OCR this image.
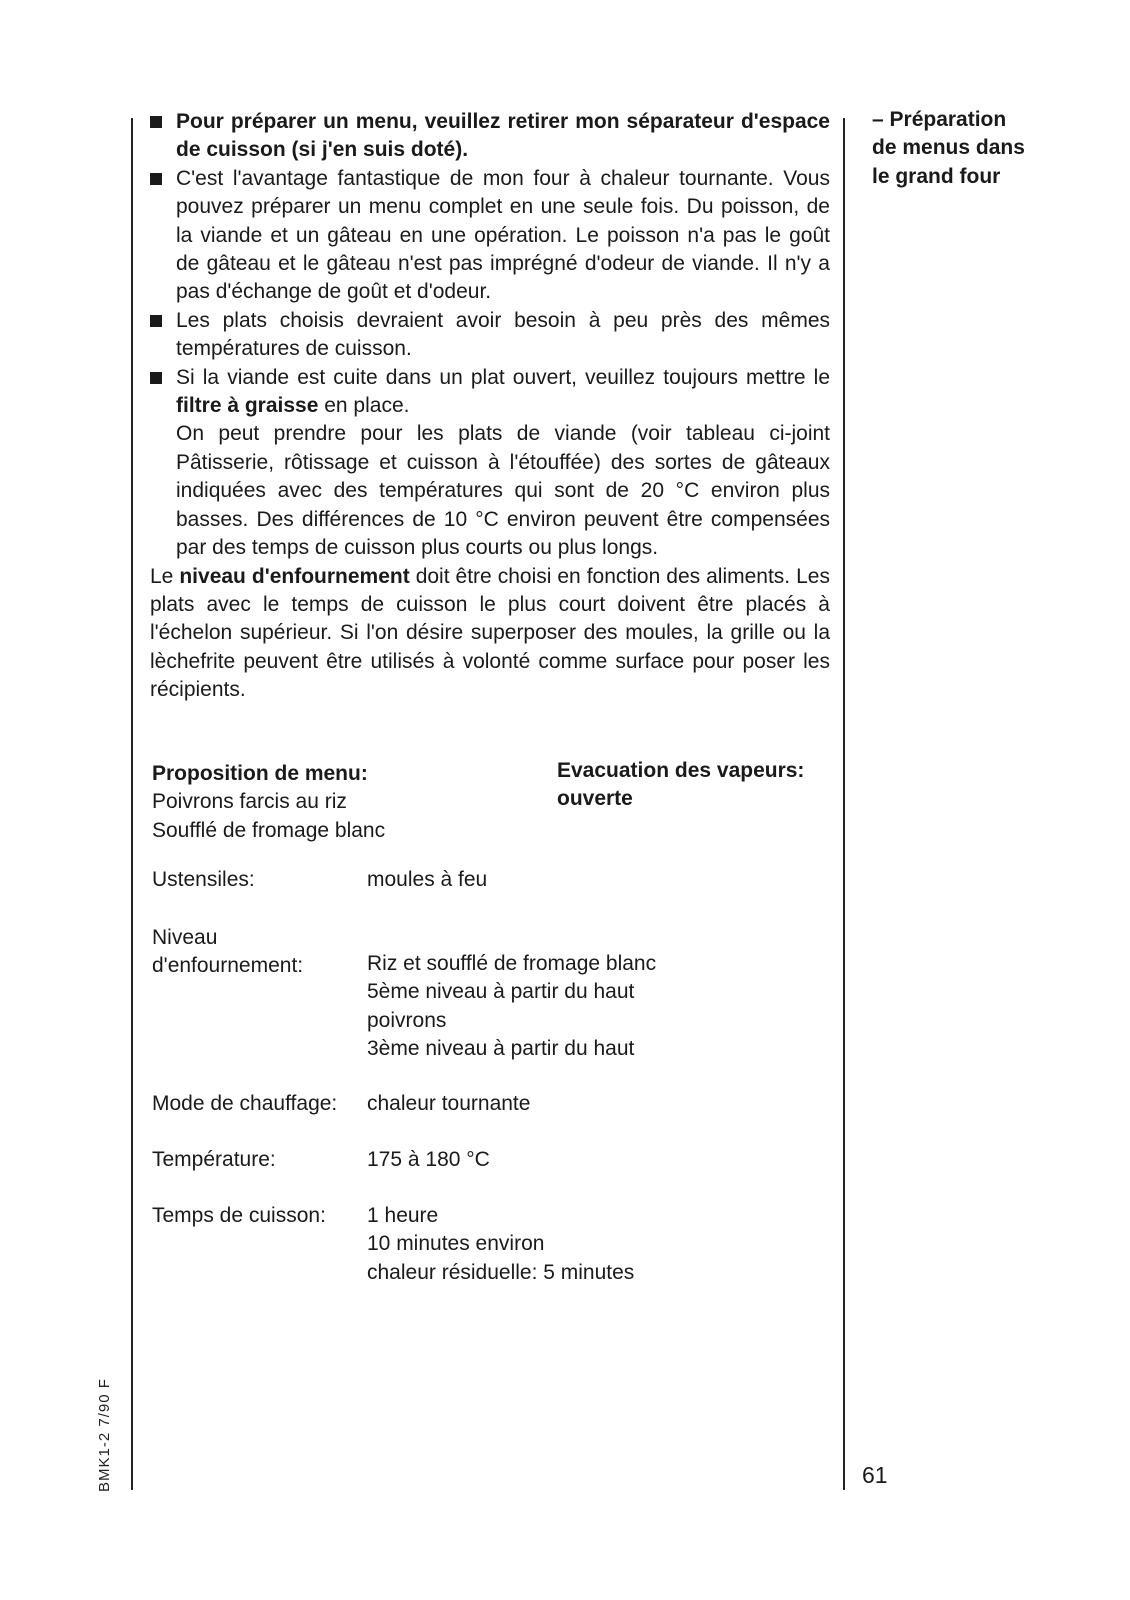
Pour préparer un menu, veuillez retirer mon séparateur d'espace de cuisson (si j'en suis doté).
C'est l'avantage fantastique de mon four à chaleur tournante. Vous pouvez préparer un menu complet en une seule fois. Du poisson, de la viande et un gâteau en une opération. Le poisson n'a pas le goût de gâteau et le gâteau n'est pas imprégné d'odeur de viande. Il n'y a pas d'échange de goût et d'odeur.
Les plats choisis devraient avoir besoin à peu près des mêmes températures de cuisson.
Si la viande est cuite dans un plat ouvert, veuillez toujours mettre le filtre à graisse en place.
On peut prendre pour les plats de viande (voir tableau ci-joint Pâtisserie, rôtissage et cuisson à l'étouffée) des sortes de gâteaux indiquées avec des températures qui sont de 20 °C environ plus basses. Des différences de 10 °C environ peuvent être compensées par des temps de cuisson plus courts ou plus longs.
Le niveau d'enfournement doit être choisi en fonction des aliments. Les plats avec le temps de cuisson le plus court doivent être placés à l'échelon supérieur. Si l'on désire superposer des moules, la grille ou la lèchefrite peuvent être utilisés à volonté comme surface pour poser les récipients.
– Préparation
de menus dans
le grand four
Proposition de menu:
Poivrons farcis au riz
Soufflé de fromage blanc
Evacuation des vapeurs:
ouverte
Ustensiles:	moules à feu
Niveau
d'enfournement:	Riz et soufflé de fromage blanc
5ème niveau à partir du haut
poivrons
3ème niveau à partir du haut
Mode de chauffage:	chaleur tournante
Température:	175 à 180 °C
Temps de cuisson:	1 heure
10 minutes environ
chaleur résiduelle: 5 minutes
BMK1-2 7/90 F	61
